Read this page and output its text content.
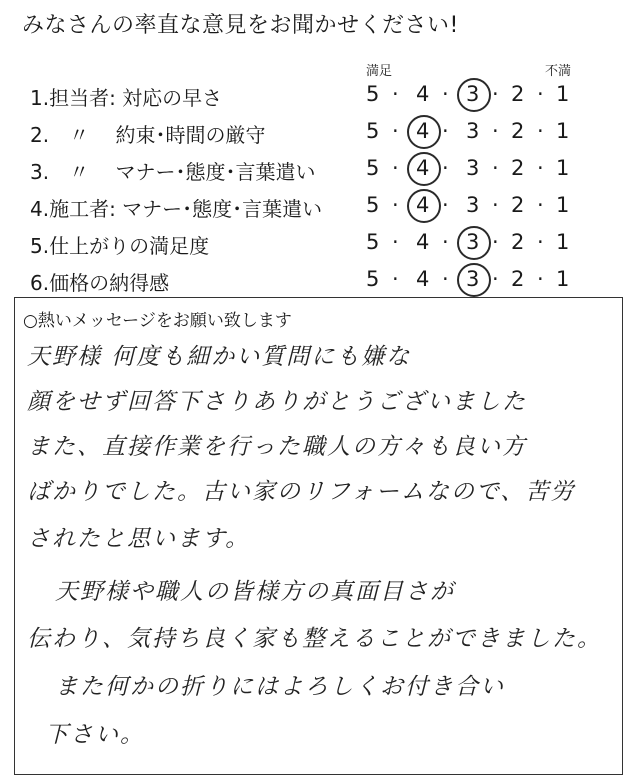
みなさんの率直な意見をお聞かせください!
満足	不満
1.担当者: 対応の早さ	5 · 4 · 3 · 2 · 1
2.　〃　 約束･時間の厳守	5 · 4 · 3 · 2 · 1
3.　〃　 マナー･態度･言葉遣い 5 · 4 · 3 · 2 · 1
4.施工者: マナー･態度･言葉遣い 5 · 4 · 3 · 2 · 1
5.仕上がりの満足度	5 · 4 · 3 · 2 · 1
6.価格の納得感	5 · 4 · 3 · 2 · 1
○熱いメッセージをお願い致します
天野様 何度も細かい質問にも嫌な
顔をせず回答下さりありがとうございました
また、直接作業を行った職人の方々も良い方
ばかりでした。古い家のリフォームなので、苦労
されたと思います。
天野様や職人の皆様方の真面目さが
伝わり、気持ち良く家も整えることができました。
また何かの折りにはよろしくお付き合い
下さい。
